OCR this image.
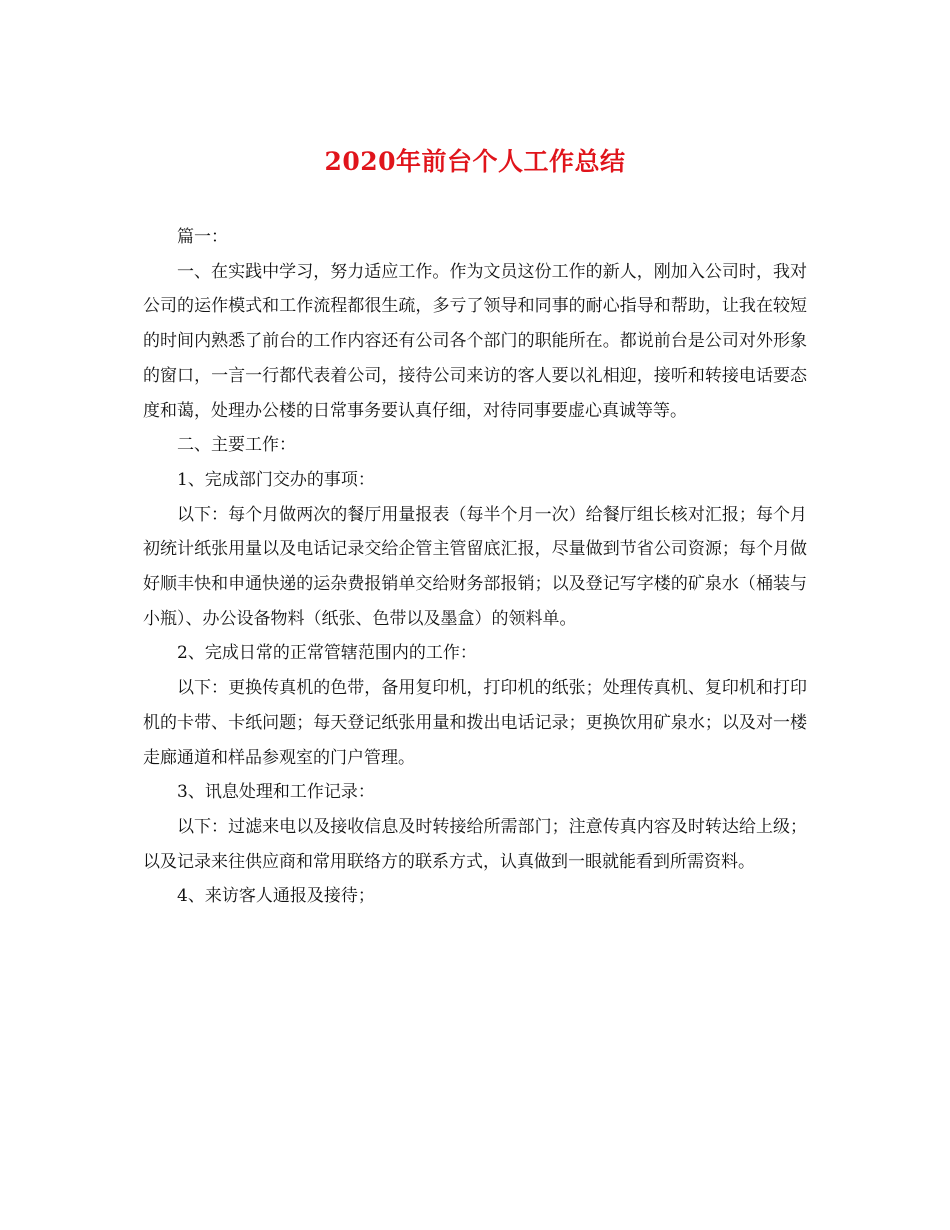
2020年前台个人工作总结

篇一：

一、在实践中学习，努力适应工作。作为文员这份工作的新人，刚加入公司时，我对公司的运作模式和工作流程都很生疏，多亏了领导和同事的耐心指导和帮助，让我在较短的时间内熟悉了前台的工作内容还有公司各个部门的职能所在。都说前台是公司对外形象的窗口，一言一行都代表着公司，接待公司来访的客人要以礼相迎，接听和转接电话要态度和蔼，处理办公楼的日常事务要认真仔细，对待同事要虚心真诚等等。

二、主要工作：

1、完成部门交办的事项：

以下：每个月做两次的餐厅用量报表（每半个月一次）给餐厅组长核对汇报；每个月初统计纸张用量以及电话记录交给企管主管留底汇报，尽量做到节省公司资源；每个月做好顺丰快和申通快递的运杂费报销单交给财务部报销；以及登记写字楼的矿泉水（桶装与小瓶）、办公设备物料（纸张、色带以及墨盒）的领料单。

2、完成日常的正常管辖范围内的工作：

以下：更换传真机的色带，备用复印机，打印机的纸张；处理传真机、复印机和打印机的卡带、卡纸问题；每天登记纸张用量和拨出电话记录；更换饮用矿泉水；以及对一楼走廊通道和样品参观室的门户管理。

3、讯息处理和工作记录：

以下：过滤来电以及接收信息及时转接给所需部门；注意传真内容及时转达给上级；以及记录来往供应商和常用联络方的联系方式，认真做到一眼就能看到所需资料。

4、来访客人通报及接待；
